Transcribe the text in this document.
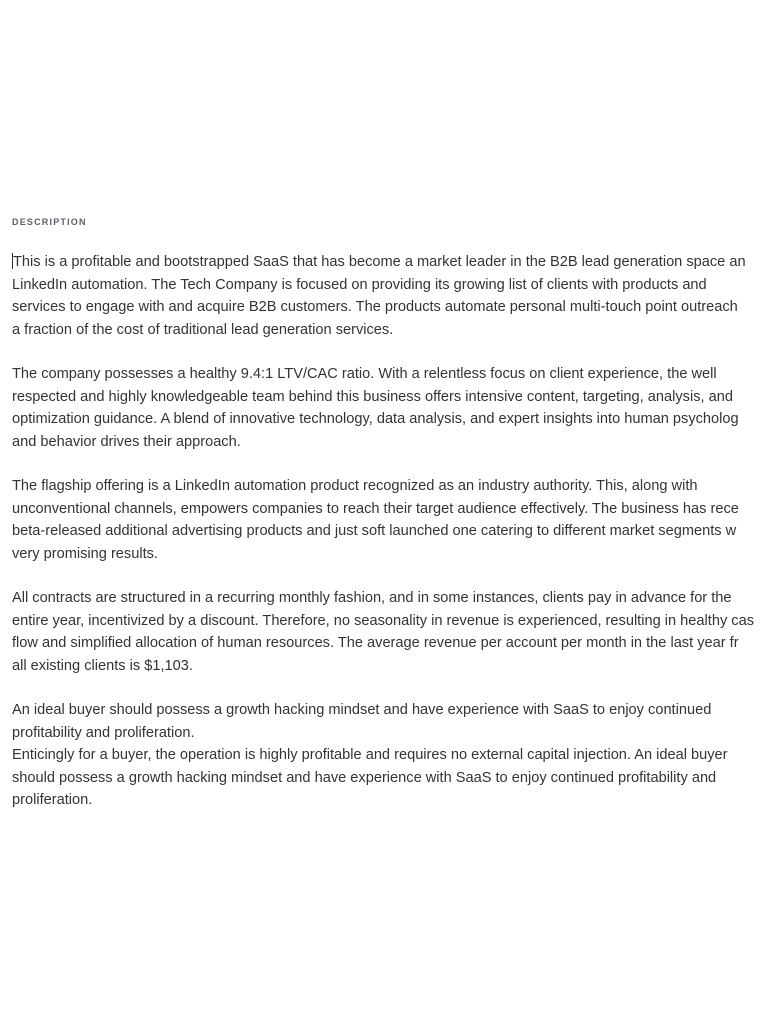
DESCRIPTION
This is a profitable and bootstrapped SaaS that has become a market leader in the B2B lead generation space an
LinkedIn automation. The Tech Company is focused on providing its growing list of clients with products and
services to engage with and acquire B2B customers. The products automate personal multi-touch point outreach
a fraction of the cost of traditional lead generation services.
The company possesses a healthy 9.4:1 LTV/CAC ratio. With a relentless focus on client experience, the well
respected and highly knowledgeable team behind this business offers intensive content, targeting, analysis, and
optimization guidance. A blend of innovative technology, data analysis, and expert insights into human psycholog
and behavior drives their approach.
The flagship offering is a LinkedIn automation product recognized as an industry authority. This, along with
unconventional channels, empowers companies to reach their target audience effectively. The business has rece
beta-released additional advertising products and just soft launched one catering to different market segments w
very promising results.
All contracts are structured in a recurring monthly fashion, and in some instances, clients pay in advance for the
entire year, incentivized by a discount. Therefore, no seasonality in revenue is experienced, resulting in healthy cas
flow and simplified allocation of human resources. The average revenue per account per month in the last year fr
all existing clients is $1,103.
An ideal buyer should possess a growth hacking mindset and have experience with SaaS to enjoy continued
profitability and proliferation.
Enticingly for a buyer, the operation is highly profitable and requires no external capital injection. An ideal buyer
should possess a growth hacking mindset and have experience with SaaS to enjoy continued profitability and
proliferation.
